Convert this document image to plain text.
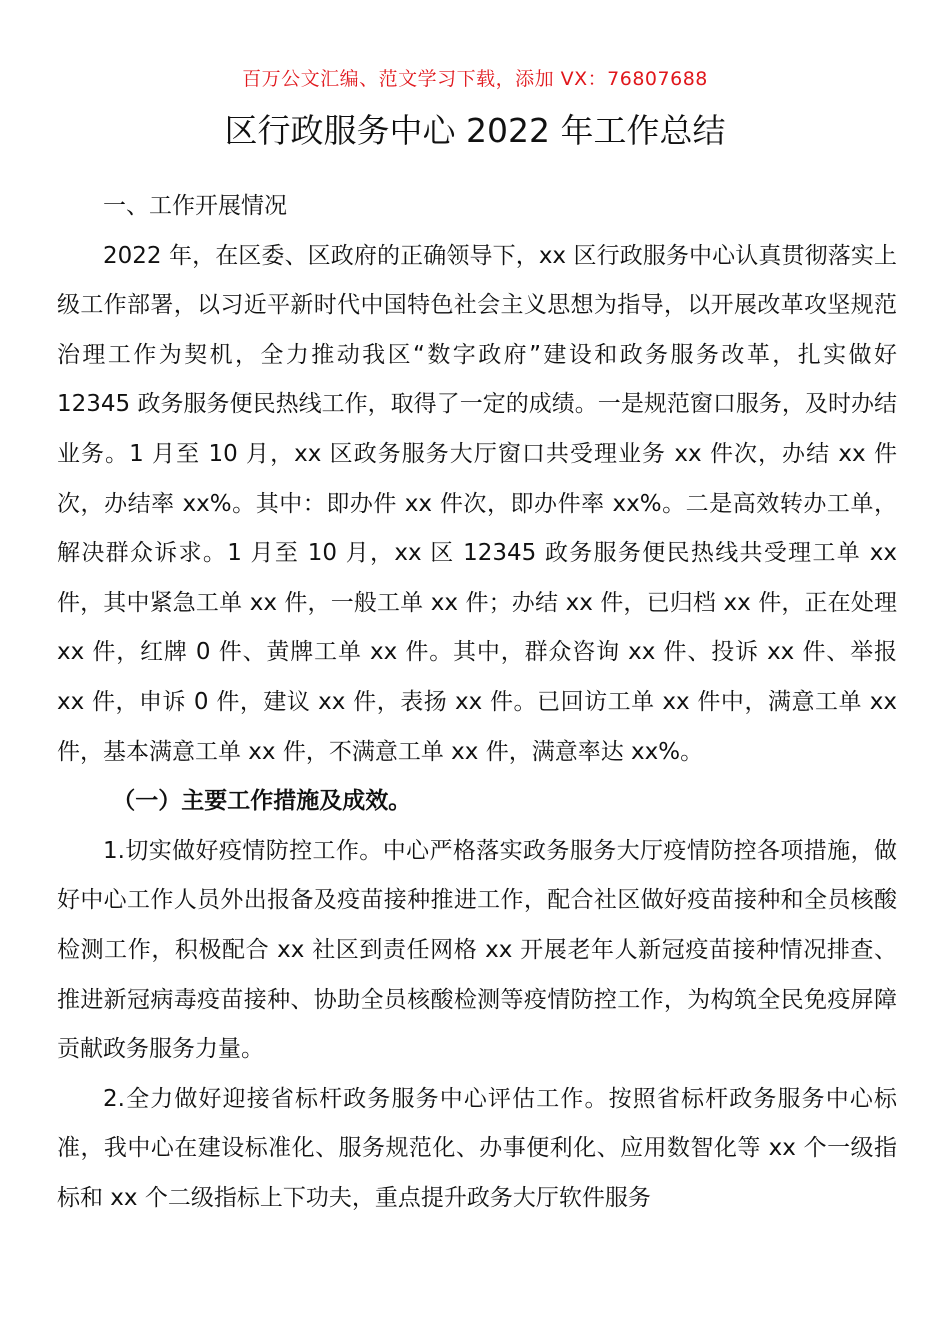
百万公文汇编、范文学习下载，添加 VX：76807688
区行政服务中心 2022 年工作总结

一、工作开展情况

2022 年，在区委、区政府的正确领导下，xx 区行政服务中心认真贯彻落实上级工作部署，以习近平新时代中国特色社会主义思想为指导，以开展改革攻坚规范治理工作为契机，全力推动我区“数字政府”建设和政务服务改革，扎实做好 12345 政务服务便民热线工作，取得了一定的成绩。一是规范窗口服务，及时办结业务。1 月至 10 月，xx 区政务服务大厅窗口共受理业务 xx 件次，办结 xx 件次，办结率 xx%。其中：即办件 xx 件次，即办件率 xx%。二是高效转办工单，解决群众诉求。1 月至 10 月，xx 区 12345 政务服务便民热线共受理工单 xx 件，其中紧急工单 xx 件，一般工单 xx 件；办结 xx 件，已归档 xx 件，正在处理 xx 件，红牌 0 件、黄牌工单 xx 件。其中，群众咨询 xx 件、投诉 xx 件、举报 xx 件，申诉 0 件，建议 xx 件，表扬 xx 件。已回访工单 xx 件中，满意工单 xx 件，基本满意工单 xx 件，不满意工单 xx 件，满意率达 xx%。

（一）主要工作措施及成效。

1.切实做好疫情防控工作。中心严格落实政务服务大厅疫情防控各项措施，做好中心工作人员外出报备及疫苗接种推进工作，配合社区做好疫苗接种和全员核酸检测工作，积极配合 xx 社区到责任网格 xx 开展老年人新冠疫苗接种情况排查、推进新冠病毒疫苗接种、协助全员核酸检测等疫情防控工作，为构筑全民免疫屏障贡献政务服务力量。

2.全力做好迎接省标杆政务服务中心评估工作。按照省标杆政务服务中心标准，我中心在建设标准化、服务规范化、办事便利化、应用数智化等 xx 个一级指标和 xx 个二级指标上下功夫，重点提升政务大厅软件服务
